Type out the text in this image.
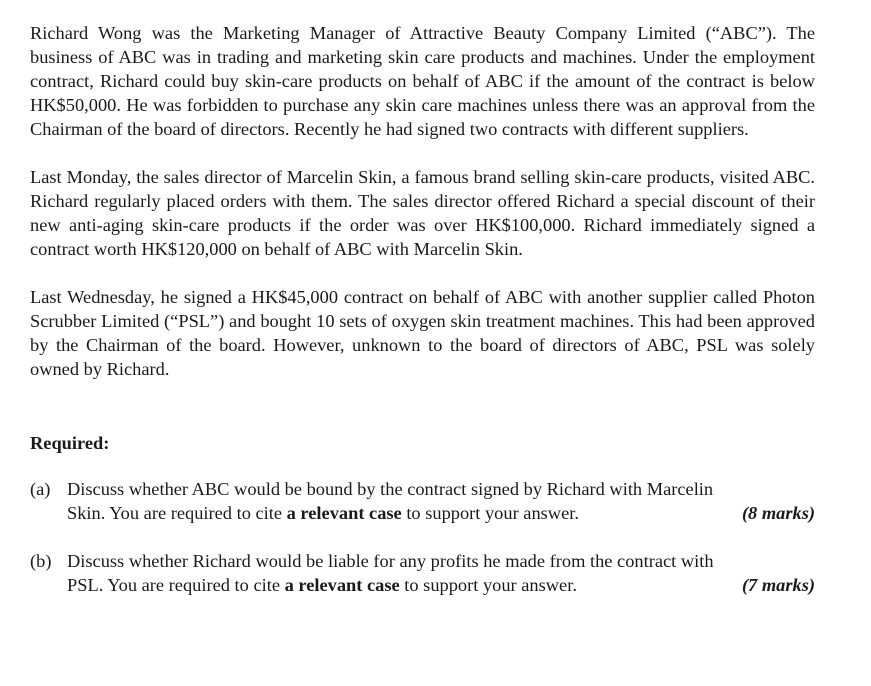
Richard Wong was the Marketing Manager of Attractive Beauty Company Limited (“ABC”). The business of ABC was in trading and marketing skin care products and machines. Under the employment contract, Richard could buy skin-care products on behalf of ABC if the amount of the contract is below HK$50,000. He was forbidden to purchase any skin care machines unless there was an approval from the Chairman of the board of directors. Recently he had signed two contracts with different suppliers.

Last Monday, the sales director of Marcelin Skin, a famous brand selling skin-care products, visited ABC. Richard regularly placed orders with them. The sales director offered Richard a special discount of their new anti-aging skin-care products if the order was over HK$100,000. Richard immediately signed a contract worth HK$120,000 on behalf of ABC with Marcelin Skin.

Last Wednesday, he signed a HK$45,000 contract on behalf of ABC with another supplier called Photon Scrubber Limited (“PSL”) and bought 10 sets of oxygen skin treatment machines. This had been approved by the Chairman of the board. However, unknown to the board of directors of ABC, PSL was solely owned by Richard.

Required:
(a) Discuss whether ABC would be bound by the contract signed by Richard with Marcelin
Skin. You are required to cite a relevant case to support your answer.	(8 marks)
(b) Discuss whether Richard would be liable for any profits he made from the contract with
PSL. You are required to cite a relevant case to support your answer.	(7 marks)
